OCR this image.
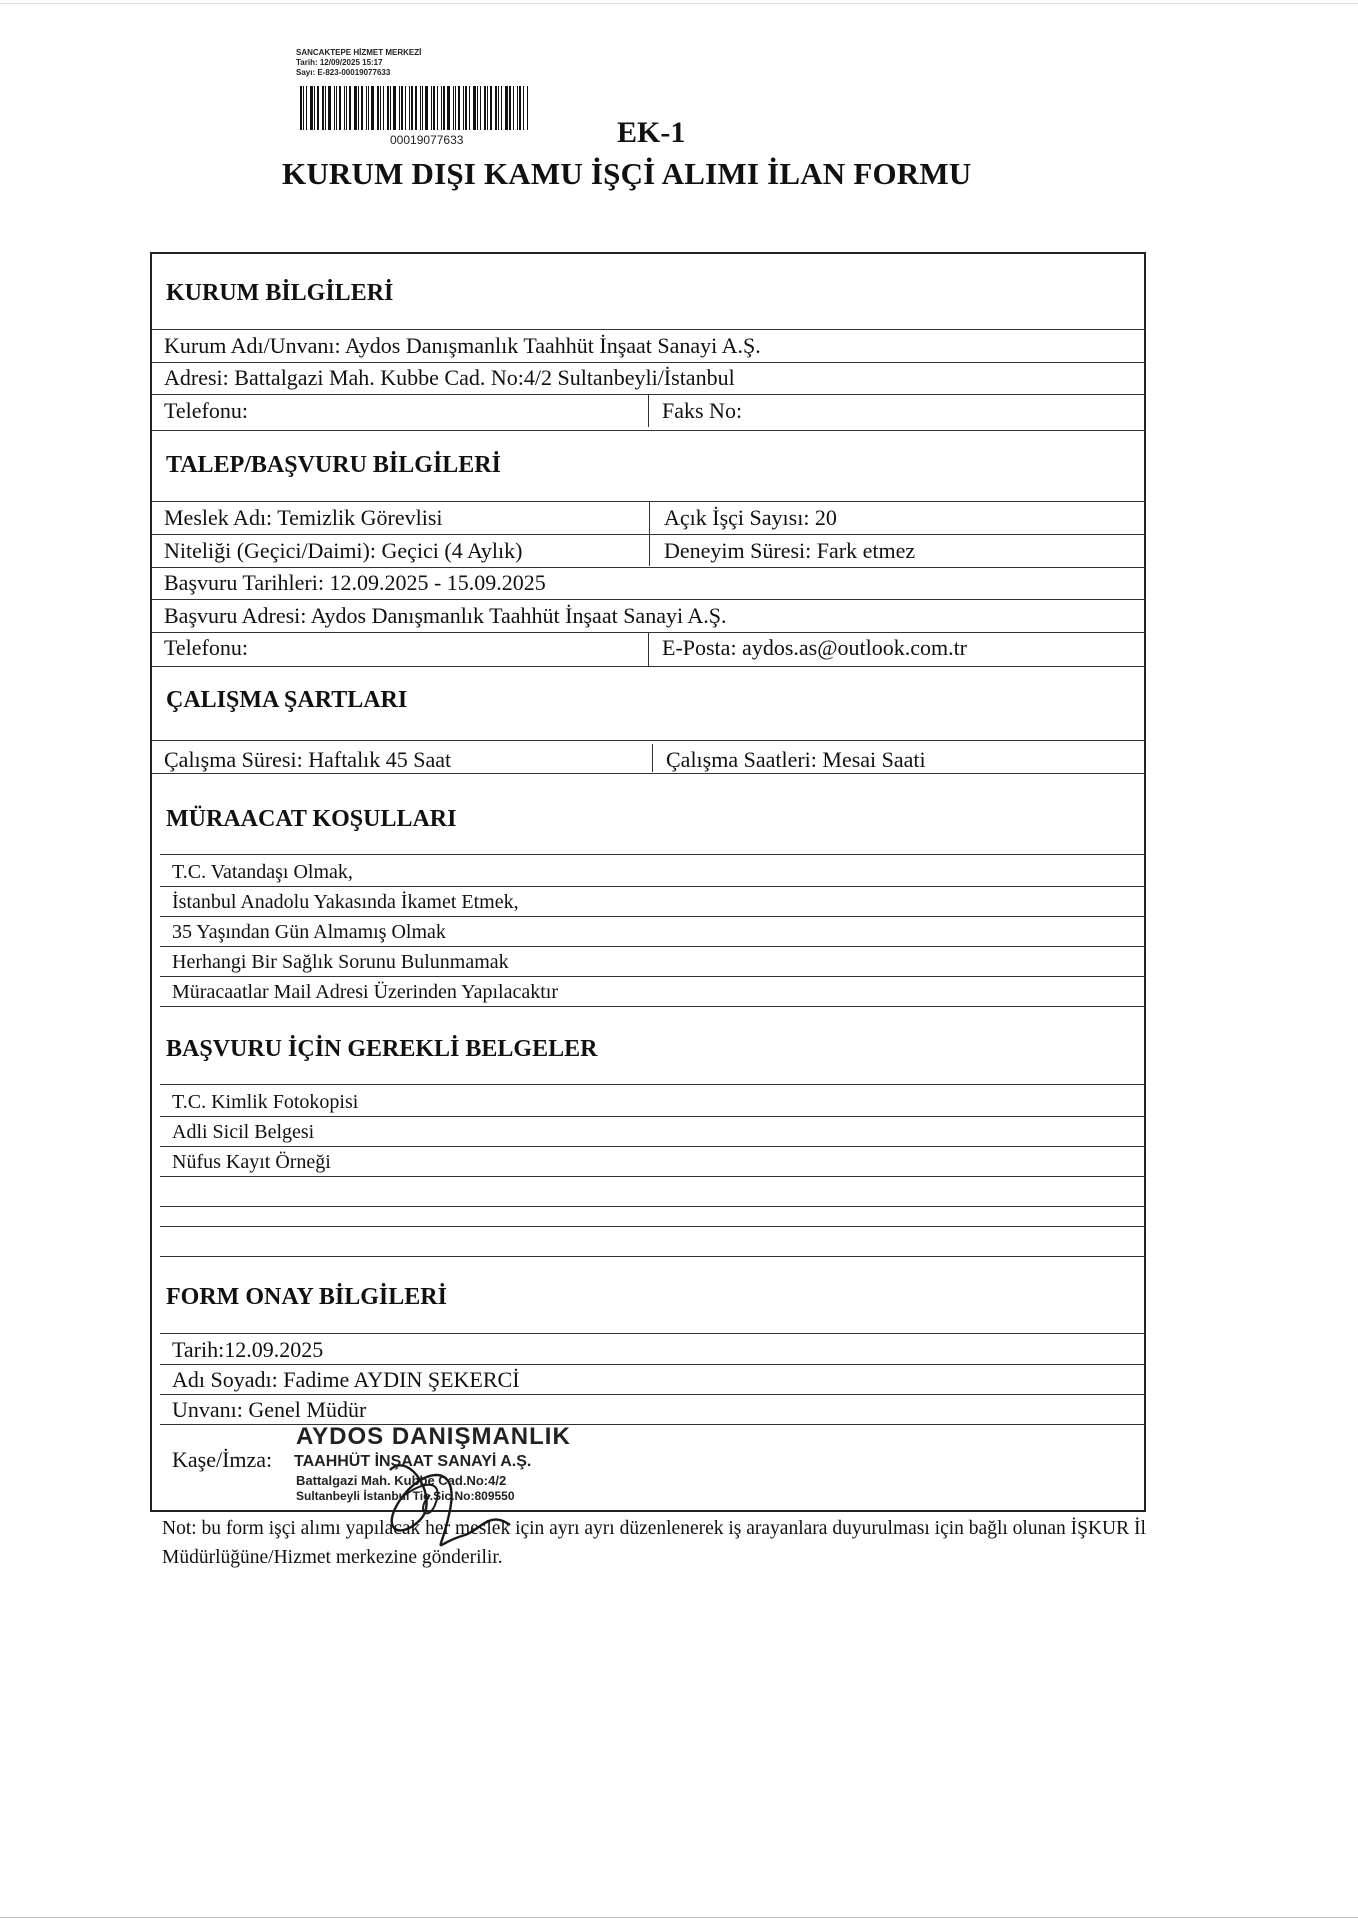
SANCAKTEPE HİZMET MERKEZİ
Tarih: 12/09/2025 15:17
Sayı: E-823-00019077633
00019077633	EK-1
KURUM DIŞI KAMU İŞÇİ ALIMI İLAN FORMU
KURUM BİLGİLERİ
Kurum Adı/Unvanı: Aydos Danışmanlık Taahhüt İnşaat Sanayi A.Ş.
Adresi: Battalgazi Mah. Kubbe Cad. No:4/2 Sultanbeyli/İstanbul
Telefonu:	Faks No:
TALEP/BAŞVURU BİLGİLERİ
Meslek Adı: Temizlik Görevlisi	Açık İşçi Sayısı: 20
Niteliği (Geçici/Daimi): Geçici (4 Aylık)	Deneyim Süresi: Fark etmez
Başvuru Tarihleri: 12.09.2025 - 15.09.2025
Başvuru Adresi: Aydos Danışmanlık Taahhüt İnşaat Sanayi A.Ş.
Telefonu:	E-Posta: aydos.as@outlook.com.tr
ÇALIŞMA ŞARTLARI
Çalışma Süresi: Haftalık 45 Saat	Çalışma Saatleri: Mesai Saati
MÜRAACAT KOŞULLARI
T.C. Vatandaşı Olmak,
İstanbul Anadolu Yakasında İkamet Etmek,
35 Yaşından Gün Almamış Olmak
Herhangi Bir Sağlık Sorunu Bulunmamak
Müracaatlar Mail Adresi Üzerinden Yapılacaktır
BAŞVURU İÇİN GEREKLİ BELGELER
T.C. Kimlik Fotokopisi
Adli Sicil Belgesi
Nüfus Kayıt Örneği
FORM ONAY BİLGİLERİ
Tarih:12.09.2025
Adı Soyadı: Fadime AYDIN ŞEKERCİ
Unvanı: Genel Müdür
Kaşe/İmza:
AYDOS DANIŞMANLIK
TAAHHÜT İNŞAAT SANAYİ A.Ş.
Battalgazi Mah. Kubbe Cad.No:4/2
Sultanbeyli İstanbul Tic.Sic.No:809550
Not: bu form işçi alımı yapılacak her meslek için ayrı ayrı düzenlenerek iş arayanlara duyurulması için bağlı olunan İŞKUR İl Müdürlüğüne/Hizmet merkezine gönderilir.
